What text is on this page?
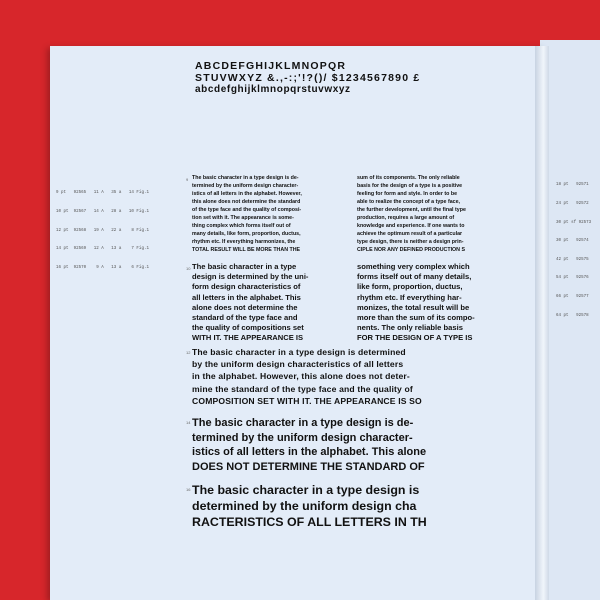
ABCDEFGHIJKLMNOPQR
STUVWXYZ &.,-:;'!?()/ $1234567890 £
abcdefghijklmnopqrstuvwxyz

9 pt   92565   11 A   35 a   14 Fig.1

10 pt  92567   14 A   28 a   10 Fig.1

12 pt  92568   19 A   22 a    8 Fig.1

14 pt  92569   12 A   13 a    7 Fig.1

16 pt  92570    9 A   13 a    6 Fig.1

18 pt   92571

24 pt   92572

30 pt sf 92573

30 pt   92574

42 pt   92575

54 pt   92576

66 pt   92577

64 pt   92578

9 The basic character in a type design is de-
termined by the uniform design character-
istics of all letters in the alphabet. However,
this alone does not determine the standard
of the type face and the quality of composi-
tion set with it. The appearance is some-
thing complex which forms itself out of
many details, like form, proportion, ductus,
rhythm etc. If everything harmonizes, the
TOTAL RESULT WILL BE MORE THAN THE
sum of its components. The only reliable
basis for the design of a type is a positive
feeling for form and style. In order to be
able to realize the concept of a type face,
the further development, until the final type
production, requires a large amount of
knowledge and experience. If one wants to
achieve the optimum result of a particular
type design, there is neither a design prin-
CIPLE NOR ANY DEFINED PRODUCTION S
10 The basic character in a type
design is determined by the uni-
form design characteristics of
all letters in the alphabet. This
alone does not determine the
standard of the type face and
the quality of compositions set
WITH IT. THE APPEARANCE IS
something very complex which
forms itself out of many details,
like form, proportion, ductus,
rhythm etc. If everything har-
monizes, the total result will be
more than the sum of its compo-
nents. The only reliable basis
FOR THE DESIGN OF A TYPE IS
12 The basic character in a type design is determined
by the uniform design characteristics of all letters
in the alphabet. However, this alone does not deter-
mine the standard of the type face and the quality of
COMPOSITION SET WITH IT. THE APPEARANCE IS SO
14 The basic character in a type design is de-
termined by the uniform design character-
istics of all letters in the alphabet. This alone
DOES NOT DETERMINE THE STANDARD OF
16 The basic character in a type design is
determined by the uniform design cha
RACTERISTICS OF ALL LETTERS IN TH
